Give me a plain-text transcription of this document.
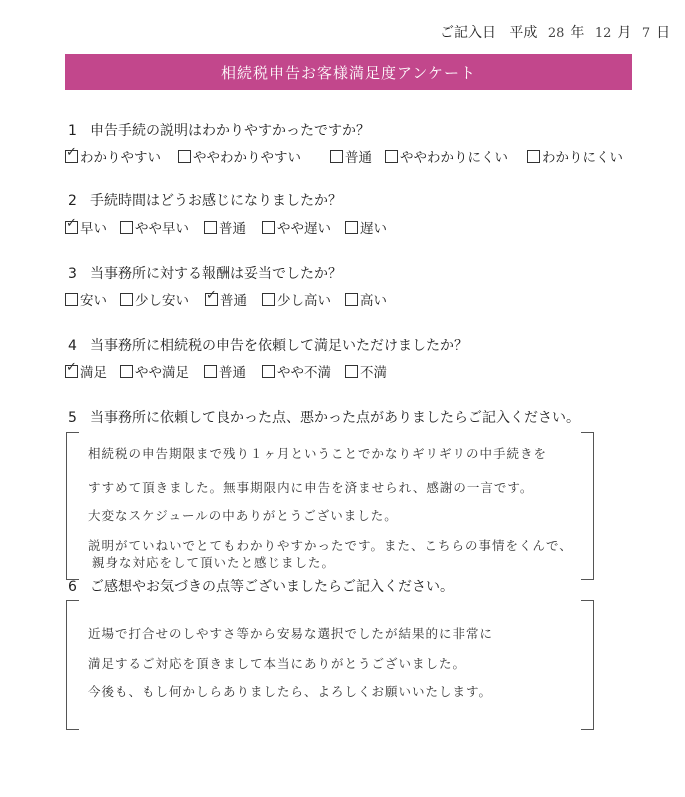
ご記入日 平成 28 年 12 月 7 日
相続税申告お客様満足度アンケート
1 申告手続の説明はわかりやすかったですか？
✓わかりやすい	ややわかりやすい	普通	ややわかりにくい	わかりにくい
2 手続時間はどうお感じになりましたか？
✓早い	やや早い	普通	やや遅い	遅い
3 当事務所に対する報酬は妥当でしたか？
安い	少し安い ✓	普通	少し高い	高い
4 当事務所に相続税の申告を依頼して満足いただけましたか？
✓満足	やや満足	普通	やや不満	不満
5 当事務所に依頼して良かった点、悪かった点がありましたらご記入ください。
相続税の申告期限まで残り１ヶ月ということでかなりギリギリの中手続きを
すすめて頂きました。無事期限内に申告を済ませられ、感謝の一言です。
大変なスケジュールの中ありがとうございました。
説明がていねいでとてもわかりやすかったです。また、こちらの事情をくんで、
親身な対応をして頂いたと感じました。
6 ご感想やお気づきの点等ございましたらご記入ください。
近場で打合せのしやすさ等から安易な選択でしたが結果的に非常に
満足するご対応を頂きまして本当にありがとうございました。
今後も、もし何かしらありましたら、よろしくお願いいたします。
